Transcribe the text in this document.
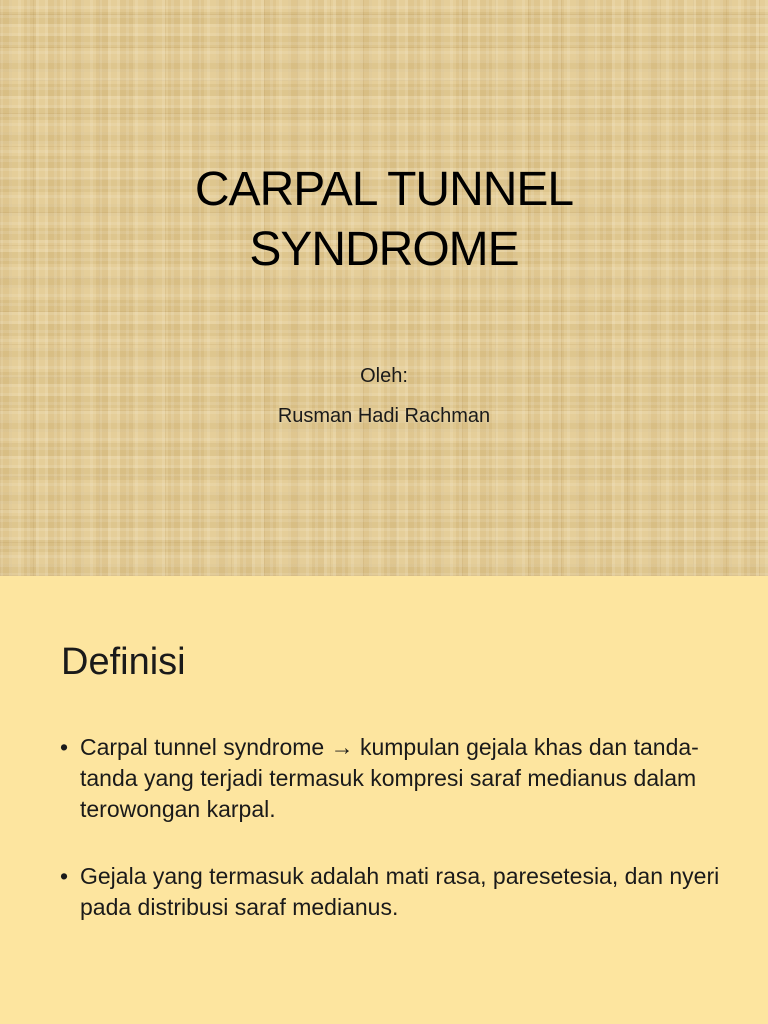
CARPAL TUNNEL
SYNDROME
Oleh:
Rusman Hadi Rachman
Definisi
• Carpal tunnel syndrome → kumpulan gejala khas dan tanda-tanda yang terjadi termasuk kompresi saraf medianus dalam terowongan karpal.
• Gejala yang termasuk adalah mati rasa, paresetesia, dan nyeri pada distribusi saraf medianus.
